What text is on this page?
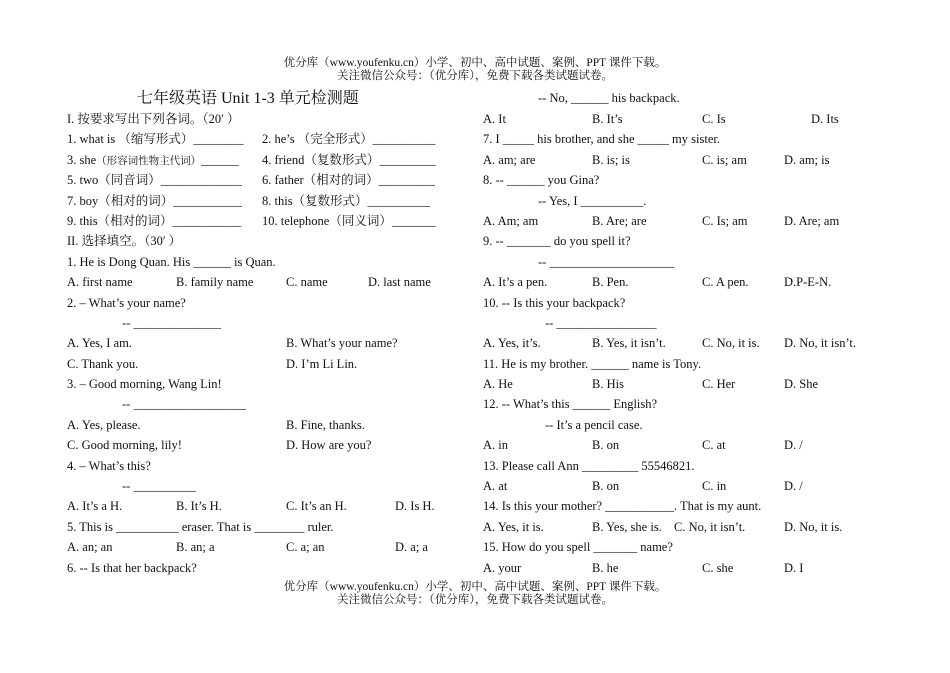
优分库（www.youfenku.cn）小学、初中、高中试题、案例、PPT 课件下载。
关注微信公众号：（优分库），免费下载各类试题试卷。
七年级英语 Unit 1-3 单元检测题
I. 按要求写出下列各词。（20′ ）
1. what is （缩写形式）________ 2. he’s （完全形式）__________
3. she（形容词性物主代词）______ 4. friend（复数形式）_________
5. two（同音词）_____________ 6. father（相对的词）_________
7. boy（相对的词）___________ 8. this（复数形式）__________
9. this（相对的词）___________ 10. telephone（同义词）_______
II. 选择填空。（30′ ）
1. He is Dong Quan. His ______ is Quan.
A. first name	B. family name	C. name	D. last name
2. – What’s your name?
-- ______________
A. Yes, I am.	B. What’s your name?
C. Thank you.	D. I’m Li Lin.
3. – Good morning, Wang Lin!
-- __________________
A. Yes, please.	B. Fine, thanks.
C. Good morning, lily!	D. How are you?
4. – What’s this?
-- __________
A. It’s a H.	B. It’s H.	C. It’s an H.	D. Is H.
5. This is __________ eraser. That is ________ ruler.
A. an; an	B. an; a	C. a; an	D. a; a
6. -- Is that her backpack?
-- No, ______ his backpack.
A. It	B. It’s	C. Is	D. Its
7. I _____ his brother, and she _____ my sister.
A. am; are	B. is; is	C. is; am	D. am; is
8. -- ______ you Gina?
-- Yes, I __________.
A. Am; am	B. Are; are	C. Is; am	D. Are; am
9. -- _______ do you spell it?
-- ____________________
A. It’s a pen.	B. Pen.	C. A pen.	D.P-E-N.
10. -- Is this your backpack?
-- ________________
A. Yes, it’s.	B. Yes, it isn’t.	C. No, it is. D. No, it isn’t.
11. He is my brother. ______ name is Tony.
A. He	B. His	C. Her	D. She
12. -- What’s this ______ English?
-- It’s a pencil case.
A. in	B. on	C. at	D. /
13. Please call Ann _________ 55546821.
A. at	B. on	C. in	D. /
14. Is this your mother? ___________. That is my aunt.
A. Yes, it is.	B. Yes, she is. C. No, it isn’t.	D. No, it is.
15. How do you spell _______ name?
A. your	B. he	C. she	D. I
优分库（www.youfenku.cn）小学、初中、高中试题、案例、PPT 课件下载。
关注微信公众号：（优分库），免费下载各类试题试卷。
